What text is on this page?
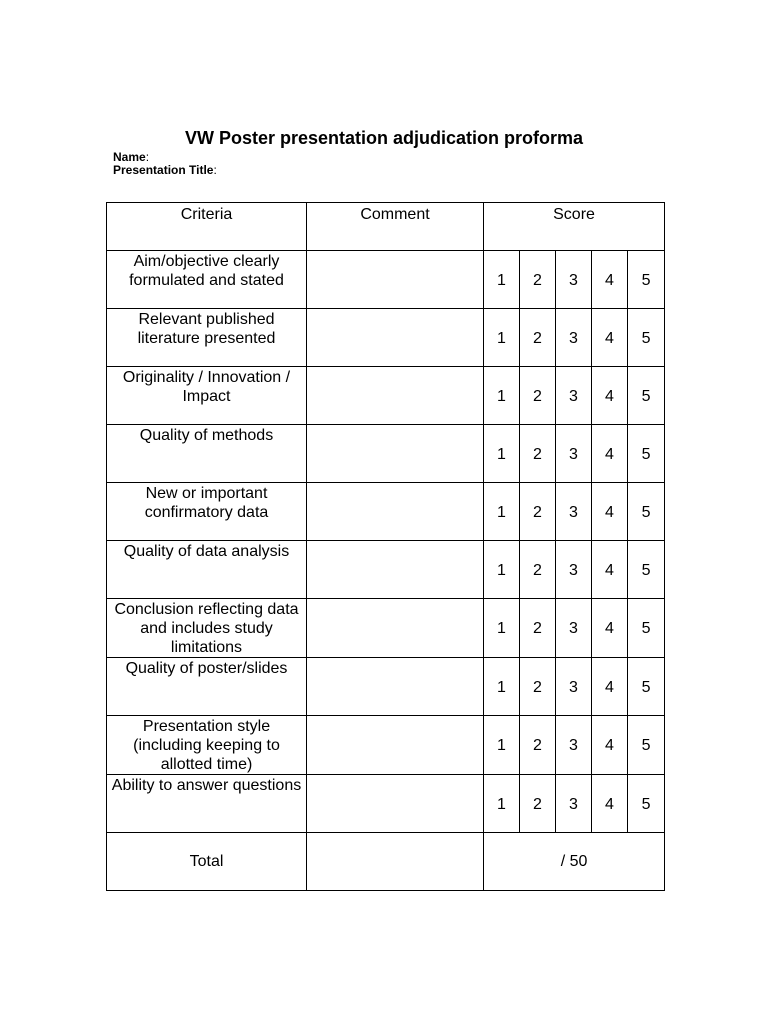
VW Poster presentation adjudication proforma
Name:
Presentation Title:
Criteria	Comment	Score				
Aim/objective clearly formulated and stated		1	2	3	4	5
Relevant published literature presented		1	2	3	4	5
Originality / Innovation / Impact		1	2	3	4	5
Quality of methods		1	2	3	4	5
New or important confirmatory data		1	2	3	4	5
Quality of data analysis		1	2	3	4	5
Conclusion reflecting data and includes study limitations		1	2	3	4	5
Quality of poster/slides		1	2	3	4	5
Presentation style (including keeping to allotted time)		1	2	3	4	5
Ability to answer questions		1	2	3	4	5
Total		/ 50				
